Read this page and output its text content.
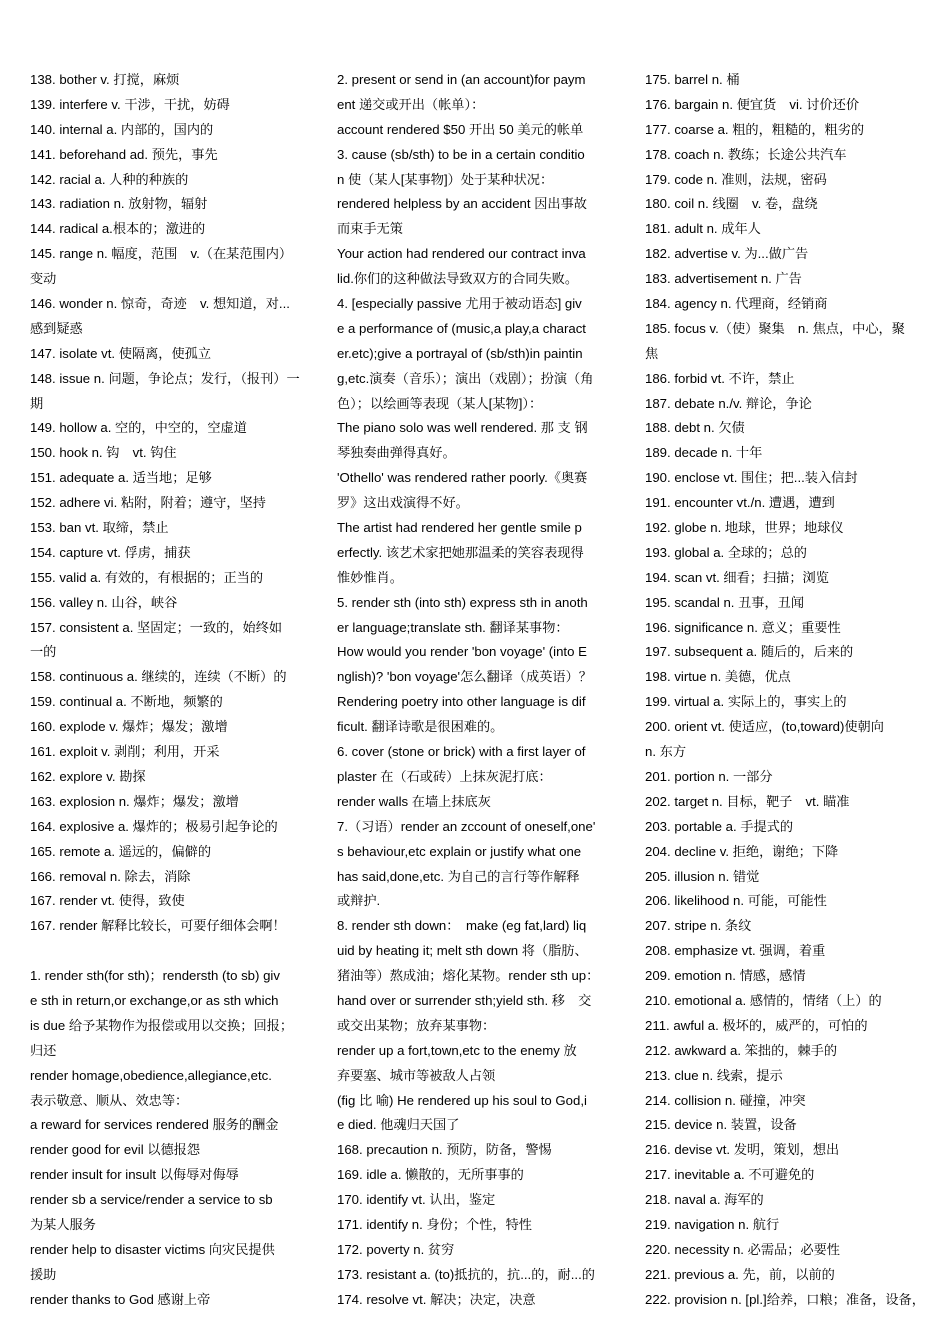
138. bother v. 打搅，麻烦
139. interfere v. 干涉，干扰，妨碍
140. internal a. 内部的，国内的
141. beforehand ad. 预先，事先
142. racial a. 人种的种族的
143. radiation n. 放射物，辐射
144. radical a.根本的；激进的
145. range n. 幅度，范围　v.（在某范围内）
变动
146. wonder n. 惊奇，奇迹　v. 想知道，对...
感到疑惑
147. isolate vt. 使隔离，使孤立
148. issue n. 问题，争论点；发行，（报刊）一
期
149. hollow a. 空的，中空的，空虚道
150. hook n. 钩　vt. 钩住
151. adequate a. 适当地；足够
152. adhere vi. 粘附，附着；遵守，坚持
153. ban vt. 取缔，禁止
154. capture vt. 俘虏，捕获
155. valid a. 有效的，有根据的；正当的
156. valley n. 山谷，峡谷
157. consistent a. 坚固定；一致的，始终如
一的
158. continuous a. 继续的，连续（不断）的
159. continual a. 不断地，频繁的
160. explode v. 爆炸；爆发；激增
161. exploit v. 剥削；利用，开采
162. explore v. 勘探
163. explosion n. 爆炸；爆发；激增
164. explosive a. 爆炸的；极易引起争论的
165. remote a. 遥远的，偏僻的
166. removal n. 除去，消除
167. render vt. 使得，致使
167. render 解释比较长，可要仔细体会啊！
1. render sth(for sth)；rendersth (to sb) giv
e sth in return,or exchange,or as sth which
is due 给予某物作为报偿或用以交换；回报；
归还
render homage,obedience,allegiance,etc.
表示敬意、顺从、效忠等：
a reward for services rendered 服务的酬金
render good for evil 以德报怨
render insult for insult 以侮辱对侮辱
render sb a service/render a service to sb
为某人服务
render help to disaster victims 向灾民提供
援助
render thanks to God 感谢上帝
2. present or send in (an account)for paym
ent 递交或开出（帐单）：
account rendered $50 开出 50 美元的帐单
3. cause (sb/sth) to be in a certain conditio
n 使（某人[某事物]）处于某种状况：
rendered helpless by an accident 因出事故
而束手无策
Your action had rendered our contract inva
lid.你们的这种做法导致双方的合同失败。
4. [especially passive 尤用于被动语态] giv
e a performance of (music,a play,a charact
er.etc);give a portrayal of (sb/sth)in paintin
g,etc.演奏（音乐）；演出（戏剧）；扮演（角
色）；以绘画等表现（某人[某物]）：
The piano solo was well rendered. 那 支 钢
琴独奏曲弹得真好。
'Othello' was rendered rather poorly.《奥赛
罗》这出戏演得不好。
The artist had rendered her gentle smile p
erfectly. 该艺术家把她那温柔的笑容表现得
惟妙惟肖。
5. render sth (into sth) express sth in anoth
er language;translate sth. 翻译某事物：
How would you render 'bon voyage' (into E
nglish)? 'bon voyage'怎么翻译（成英语）？
Rendering poetry into other language is dif
ficult. 翻译诗歌是很困难的。
6. cover (stone or brick) with a first layer of
plaster 在（石或砖）上抹灰泥打底：
render walls 在墙上抹底灰
7.（习语）render an zccount of oneself,one'
s behaviour,etc explain or justify what one
has said,done,etc. 为自己的言行等作解释
或辩护.
8. render sth down：　make (eg fat,lard) liq
uid by heating it; melt sth down 将（脂肪、
猪油等）熬成油；熔化某物。render sth up：
hand over or surrender sth;yield sth. 移　交
或交出某物；放弃某事物：
render up a fort,town,etc to the enemy 放
弃要塞、城市等被敌人占领
(fig 比 喻) He rendered up his soul to God,i
e died. 他魂归天国了
168. precaution n. 预防，防备，警惕
169. idle a. 懒散的，无所事事的
170. identify vt. 认出，鉴定
171. identify n. 身份；个性，特性
172. poverty n. 贫穷
173. resistant a. (to)抵抗的，抗...的，耐...的
174. resolve vt. 解决；决定，决意
175. barrel n. 桶
176. bargain n. 便宜货　vi. 讨价还价
177. coarse a. 粗的，粗糙的，粗劣的
178. coach n. 教练；长途公共汽车
179. code n. 准则，法规，密码
180. coil n. 线圈　v. 卷，盘绕
181. adult n. 成年人
182. advertise v. 为...做广告
183. advertisement n. 广告
184. agency n. 代理商，经销商
185. focus v.（使）聚集　n. 焦点，中心，聚
焦
186. forbid vt. 不许，禁止
187. debate n./v. 辩论，争论
188. debt n. 欠债
189. decade n. 十年
190. enclose vt. 围住；把...装入信封
191. encounter vt./n. 遭遇，遭到
192. globe n. 地球，世界；地球仪
193. global a. 全球的；总的
194. scan vt. 细看；扫描；浏览
195. scandal n. 丑事，丑闻
196. significance n. 意义；重要性
197. subsequent a. 随后的，后来的
198. virtue n. 美德，优点
199. virtual a. 实际上的，事实上的
200. orient vt. 使适应，(to,toward)使朝向
n. 东方
201. portion n. 一部分
202. target n. 目标，靶子　vt. 瞄准
203. portable a. 手提式的
204. decline v. 拒绝，谢绝；下降
205. illusion n. 错觉
206. likelihood n. 可能，可能性
207. stripe n. 条纹
208. emphasize vt. 强调，着重
209. emotion n. 情感，感情
210. emotional a. 感情的，情绪（上）的
211. awful a. 极坏的，威严的，可怕的
212. awkward a. 笨拙的，棘手的
213. clue n. 线索，提示
214. collision n. 碰撞，冲突
215. device n. 装置，设备
216. devise vt. 发明，策划，想出
217. inevitable a. 不可避免的
218. naval a. 海军的
219. navigation n. 航行
220. necessity n. 必需品；必要性
221. previous a. 先，前，以前的
222. provision n. [pl.]给养，口粮；准备，设备，
